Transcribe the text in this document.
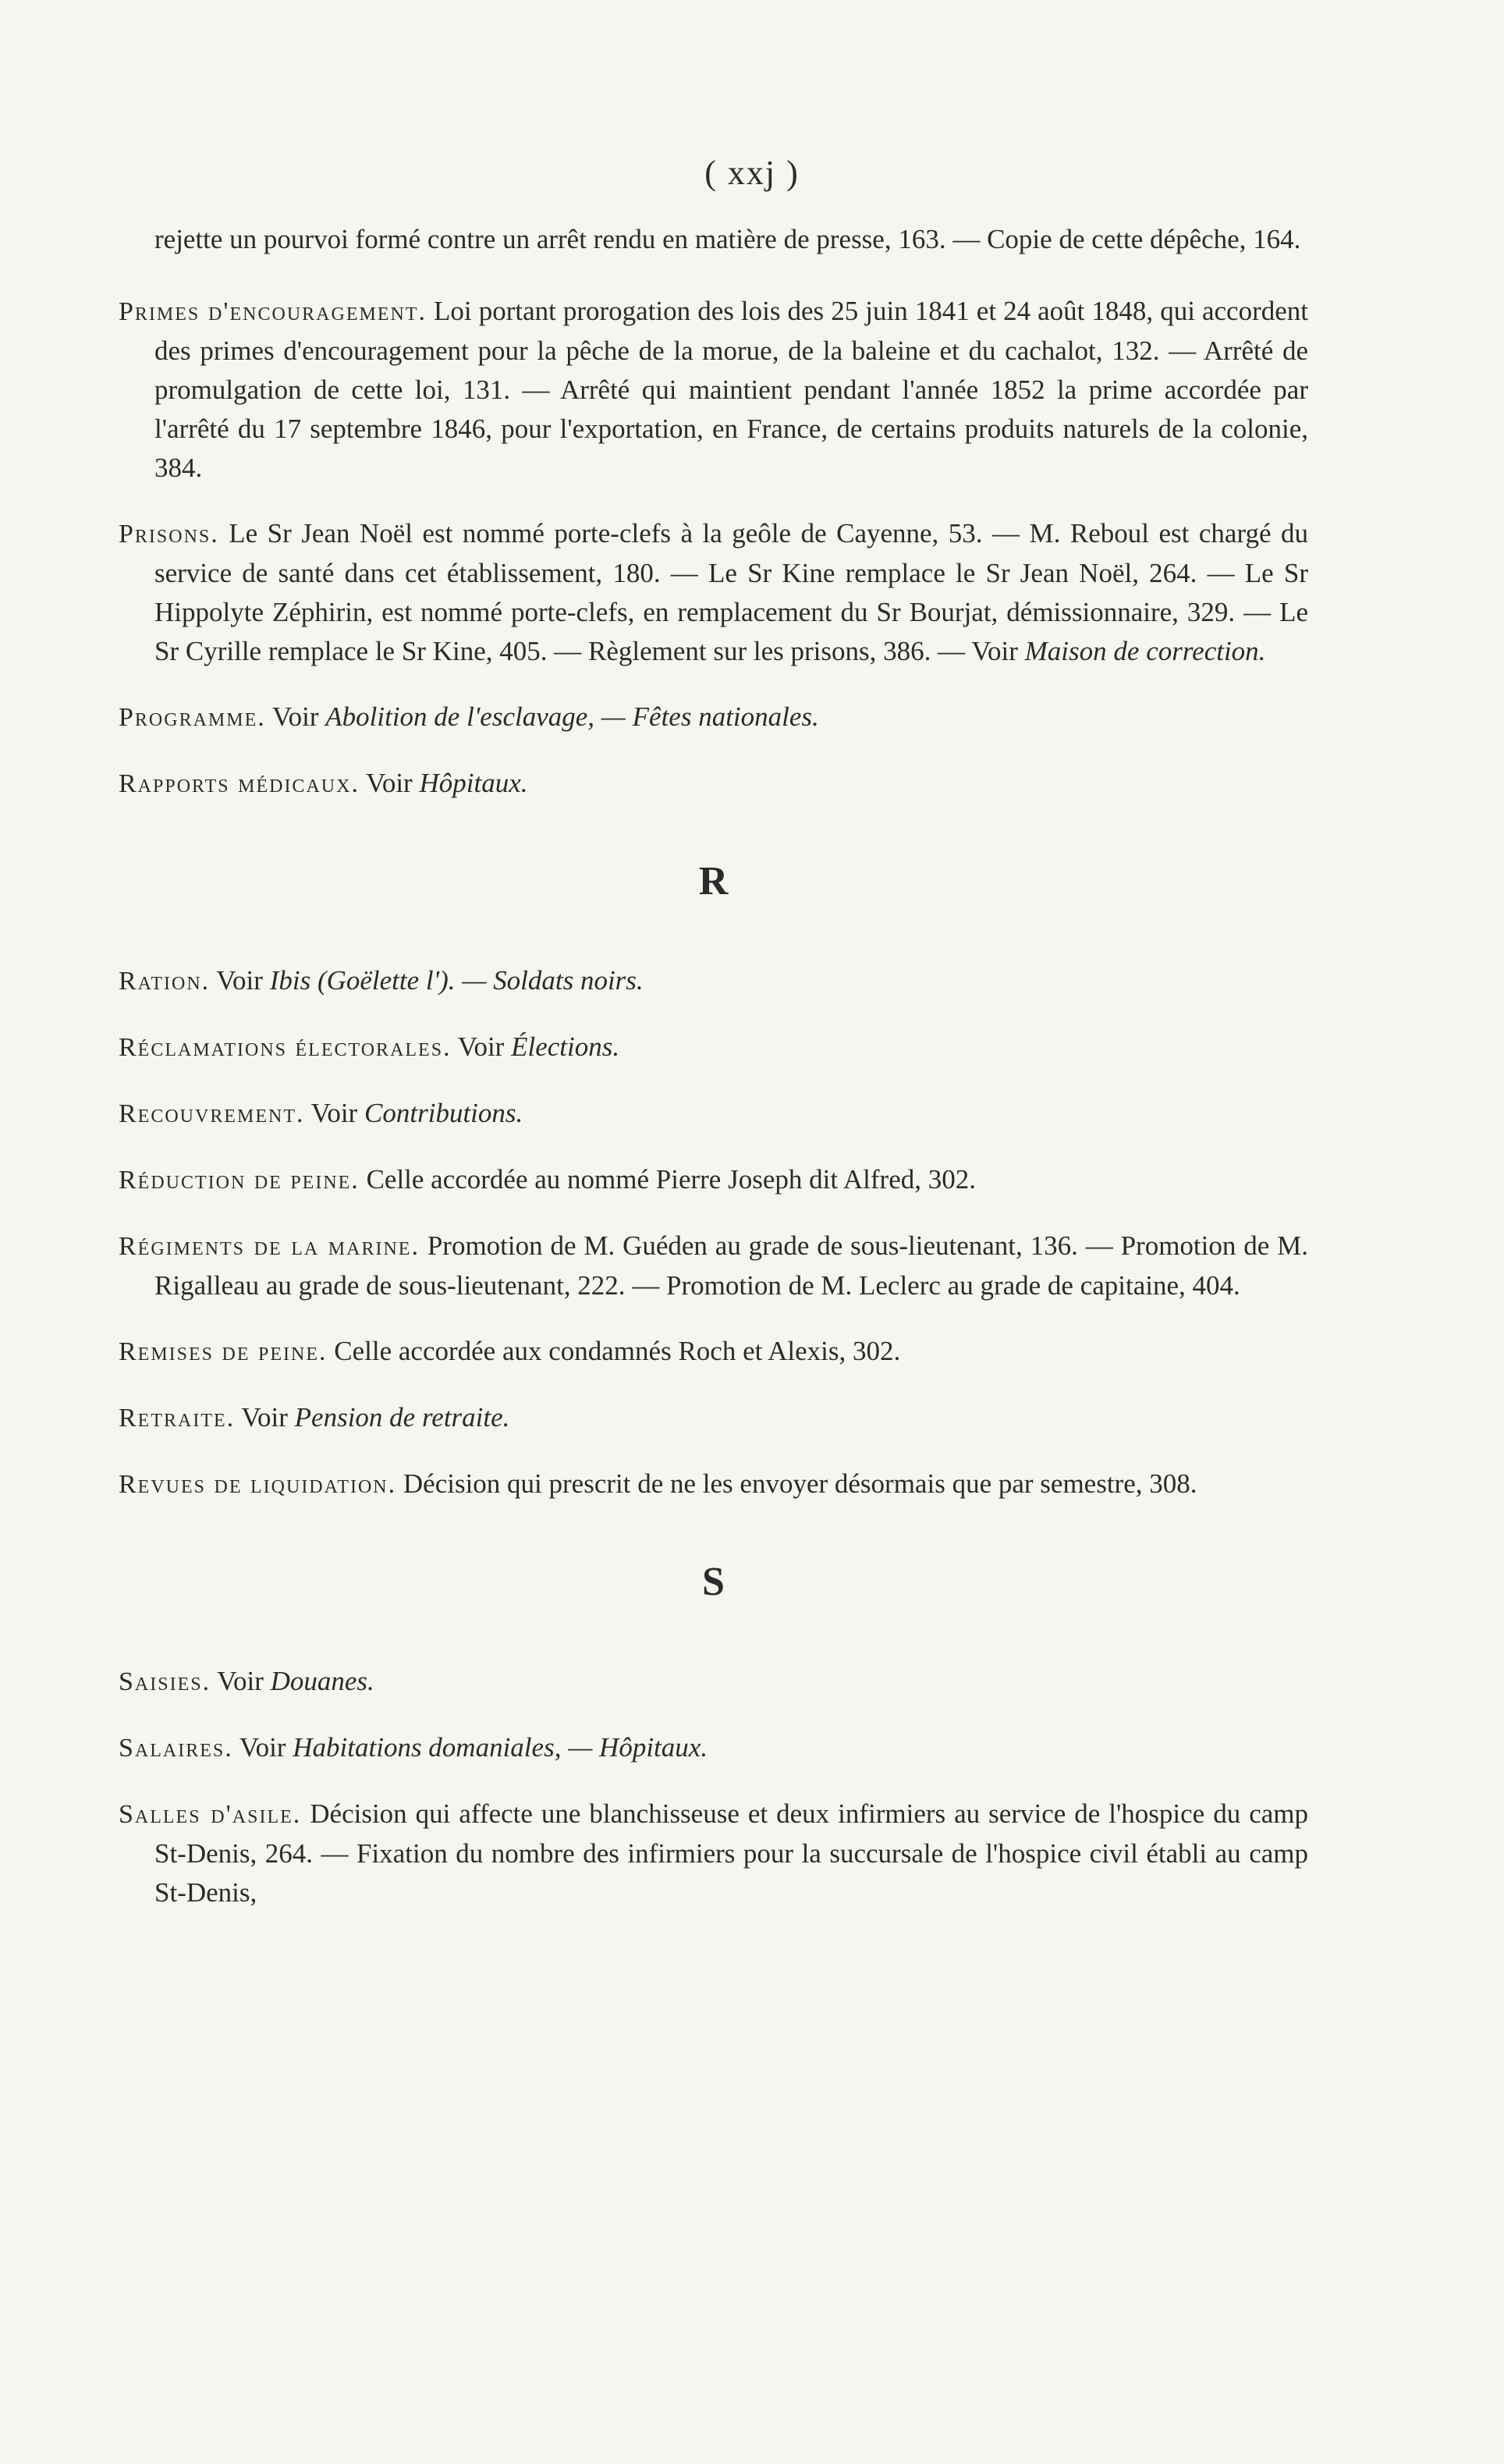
( xxj )

rejette un pourvoi formé contre un arrêt rendu en matière de presse, 163. — Copie de cette dépêche, 164.

Primes d'encouragement. Loi portant prorogation des lois des 25 juin 1841 et 24 août 1848, qui accordent des primes d'encouragement pour la pêche de la morue, de la baleine et du cachalot, 132. — Arrêté de promulgation de cette loi, 131. — Arrêté qui maintient pendant l'année 1852 la prime accordée par l'arrêté du 17 septembre 1846, pour l'exportation, en France, de certains produits naturels de la colonie, 384.

Prisons. Le Sr Jean Noël est nommé porte-clefs à la geôle de Cayenne, 53. — M. Reboul est chargé du service de santé dans cet établissement, 180. — Le Sr Kine remplace le Sr Jean Noël, 264. — Le Sr Hippolyte Zéphirin, est nommé porte-clefs, en remplacement du Sr Bourjat, démissionnaire, 329. — Le Sr Cyrille remplace le Sr Kine, 405. — Règlement sur les prisons, 386. — Voir Maison de correction.

Programme. Voir Abolition de l'esclavage, — Fêtes nationales.

Rapports médicaux. Voir Hôpitaux.

R

Ration. Voir Ibis (Goëlette l'). — Soldats noirs.

Réclamations électorales. Voir Élections.

Recouvrement. Voir Contributions.

Réduction de peine. Celle accordée au nommé Pierre Joseph dit Alfred, 302.

Régiments de la marine. Promotion de M. Guéden au grade de sous-lieutenant, 136. — Promotion de M. Rigalleau au grade de sous-lieutenant, 222. — Promotion de M. Leclerc au grade de capitaine, 404.

Remises de peine. Celle accordée aux condamnés Roch et Alexis, 302.

Retraite. Voir Pension de retraite.

Revues de liquidation. Décision qui prescrit de ne les envoyer désormais que par semestre, 308.

S

Saisies. Voir Douanes.

Salaires. Voir Habitations domaniales, — Hôpitaux.

Salles d'asile. Décision qui affecte une blanchisseuse et deux infirmiers au service de l'hospice du camp St-Denis, 264. — Fixation du nombre des infirmiers pour la succursale de l'hospice civil établi au camp St-Denis,
